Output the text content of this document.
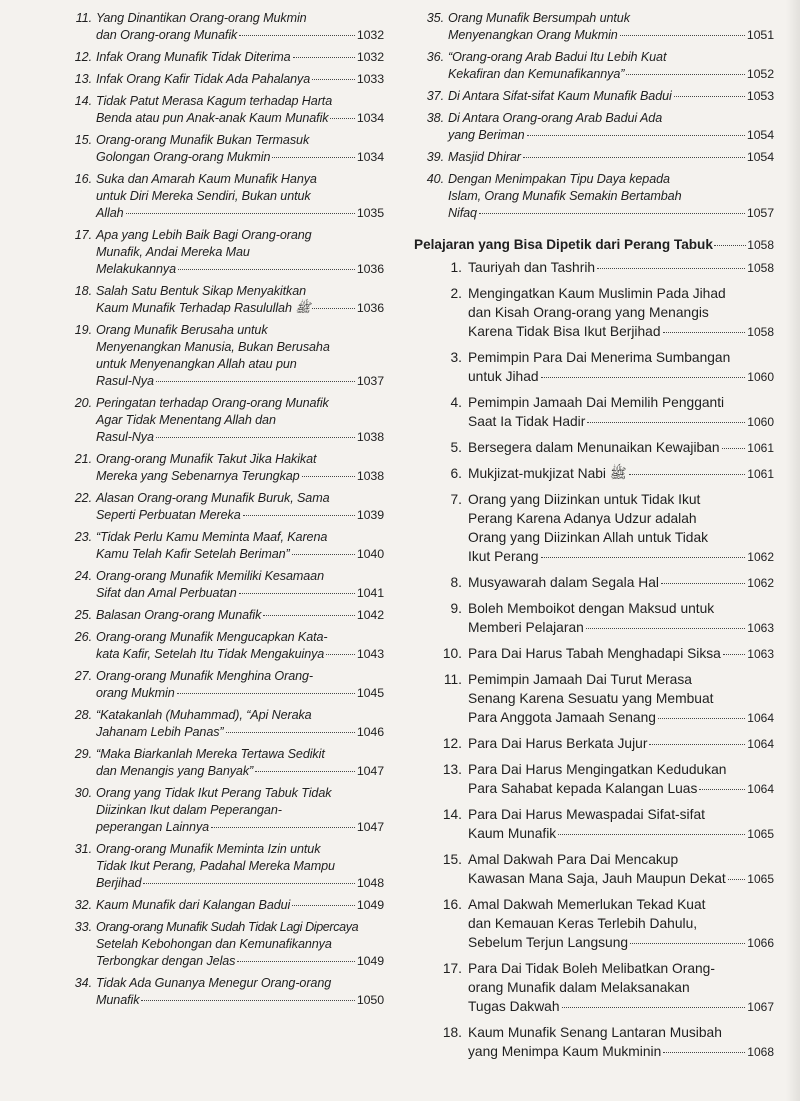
11. Yang Dinantikan Orang-orang Mukmin
dan Orang-orang Munafik	1032
12. Infak Orang Munafik Tidak Diterima	1032
13. Infak Orang Kafir Tidak Ada Pahalanya	1033
14. Tidak Patut Merasa Kagum terhadap Harta
Benda atau pun Anak-anak Kaum Munafik 1034
15. Orang-orang Munafik Bukan Termasuk
Golongan Orang-orang Mukmin	1034
16. Suka dan Amarah Kaum Munafik Hanya
untuk Diri Mereka Sendiri, Bukan untuk
Allah	1035
17. Apa yang Lebih Baik Bagi Orang-orang
Munafik, Andai Mereka Mau
Melakukannya	1036
18. Salah Satu Bentuk Sikap Menyakitkan
Kaum Munafik Terhadap Rasulullah ﷺ	1036
19. Orang Munafik Berusaha untuk
Menyenangkan Manusia, Bukan Berusaha
untuk Menyenangkan Allah atau pun
Rasul-Nya	1037
20. Peringatan terhadap Orang-orang Munafik
Agar Tidak Menentang Allah dan
Rasul-Nya	1038
21. Orang-orang Munafik Takut Jika Hakikat
Mereka yang Sebenarnya Terungkap	1038
22. Alasan Orang-orang Munafik Buruk, Sama
Seperti Perbuatan Mereka	1039
23. “Tidak Perlu Kamu Meminta Maaf, Karena
Kamu Telah Kafir Setelah Beriman”	1040
24. Orang-orang Munafik Memiliki Kesamaan
Sifat dan Amal Perbuatan	1041
25. Balasan Orang-orang Munafik	1042
26. Orang-orang Munafik Mengucapkan Kata-
kata Kafir, Setelah Itu Tidak Mengakuinya	1043
27. Orang-orang Munafik Menghina Orang-
orang Mukmin	1045
28. “Katakanlah (Muhammad), “Api Neraka
Jahanam Lebih Panas”	1046
29. “Maka Biarkanlah Mereka Tertawa Sedikit
dan Menangis yang Banyak”	1047
30. Orang yang Tidak Ikut Perang Tabuk Tidak
Diizinkan Ikut dalam Peperangan-
peperangan Lainnya	1047
31. Orang-orang Munafik Meminta Izin untuk
Tidak Ikut Perang, Padahal Mereka Mampu
Berjihad	1048
32. Kaum Munafik dari Kalangan Badui	1049
33. Orang-orang Munafik Sudah Tidak Lagi Dipercaya
Setelah Kebohongan dan Kemunafikannya
Terbongkar dengan Jelas	1049
34. Tidak Ada Gunanya Menegur Orang-orang
Munafik	1050
35. Orang Munafik Bersumpah untuk
Menyenangkan Orang Mukmin	1051
36. “Orang-orang Arab Badui Itu Lebih Kuat
Kekafiran dan Kemunafikannya”	1052
37. Di Antara Sifat-sifat Kaum Munafik Badui	1053
38. Di Antara Orang-orang Arab Badui Ada
yang Beriman	1054
39. Masjid Dhirar	1054
40. Dengan Menimpakan Tipu Daya kepada
Islam, Orang Munafik Semakin Bertambah
Nifaq	1057
Pelajaran yang Bisa Dipetik dari Perang Tabuk	1058
1. Tauriyah dan Tashrih	1058
2. Mengingatkan Kaum Muslimin Pada Jihad
dan Kisah Orang-orang yang Menangis
Karena Tidak Bisa Ikut Berjihad	1058
3. Pemimpin Para Dai Menerima Sumbangan
untuk Jihad	1060
4. Pemimpin Jamaah Dai Memilih Pengganti
Saat Ia Tidak Hadir	1060
5. Bersegera dalam Menunaikan Kewajiban 1061
6. Mukjizat-mukjizat Nabi ﷺ	1061
7. Orang yang Diizinkan untuk Tidak Ikut
Perang Karena Adanya Udzur adalah
Orang yang Diizinkan Allah untuk Tidak
Ikut Perang	1062
8. Musyawarah dalam Segala Hal	1062
9. Boleh Memboikot dengan Maksud untuk
Memberi Pelajaran	1063
10. Para Dai Harus Tabah Menghadapi Siksa 1063
11. Pemimpin Jamaah Dai Turut Merasa
Senang Karena Sesuatu yang Membuat
Para Anggota Jamaah Senang	1064
12. Para Dai Harus Berkata Jujur	1064
13. Para Dai Harus Mengingatkan Kedudukan
Para Sahabat kepada Kalangan Luas	1064
14. Para Dai Harus Mewaspadai Sifat-sifat
Kaum Munafik	1065
15. Amal Dakwah Para Dai Mencakup
Kawasan Mana Saja, Jauh Maupun Dekat 1065
16. Amal Dakwah Memerlukan Tekad Kuat
dan Kemauan Keras Terlebih Dahulu,
Sebelum Terjun Langsung	1066
17. Para Dai Tidak Boleh Melibatkan Orang-
orang Munafik dalam Melaksanakan
Tugas Dakwah	1067
18. Kaum Munafik Senang Lantaran Musibah
yang Menimpa Kaum Mukminin	1068
